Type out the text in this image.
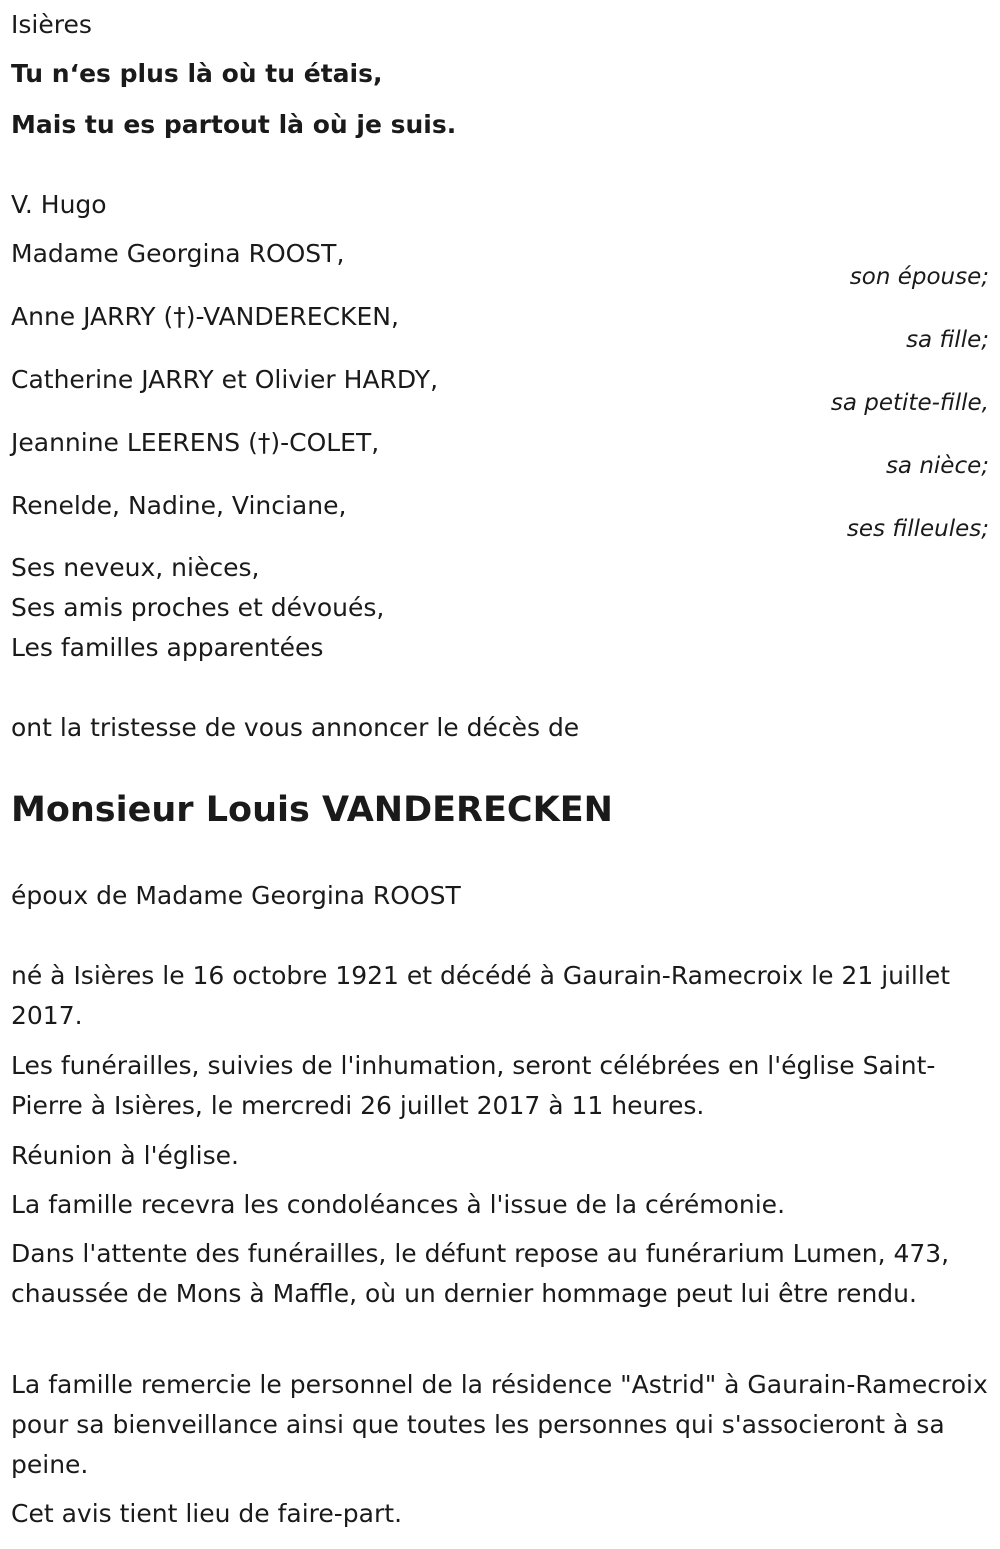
Isières
Tu n‘es plus là où tu étais,
Mais tu es partout là où je suis.
V. Hugo
Madame Georgina ROOST,
son épouse;
Anne JARRY (†)-VANDERECKEN,
sa fille;
Catherine JARRY et Olivier HARDY,
sa petite-fille,
Jeannine LEERENS (†)-COLET,
sa nièce;
Renelde, Nadine, Vinciane,
ses filleules;
Ses neveux, nièces,
Ses amis proches et dévoués,
Les familles apparentées
ont la tristesse de vous annoncer le décès de
Monsieur Louis VANDERECKEN
époux de Madame Georgina ROOST
né à Isières le 16 octobre 1921 et décédé à Gaurain-Ramecroix le 21 juillet 2017.
Les funérailles, suivies de l'inhumation, seront célébrées en l'église Saint-Pierre à Isières, le mercredi 26 juillet 2017 à 11 heures.
Réunion à l'église.
La famille recevra les condoléances à l'issue de la cérémonie.
Dans l'attente des funérailles, le défunt repose au funérarium Lumen, 473, chaussée de Mons à Maffle, où un dernier hommage peut lui être rendu.
La famille remercie le personnel de la résidence "Astrid" à Gaurain-Ramecroix pour sa bienveillance ainsi que toutes les personnes qui s'associeront à sa peine.
Cet avis tient lieu de faire-part.
